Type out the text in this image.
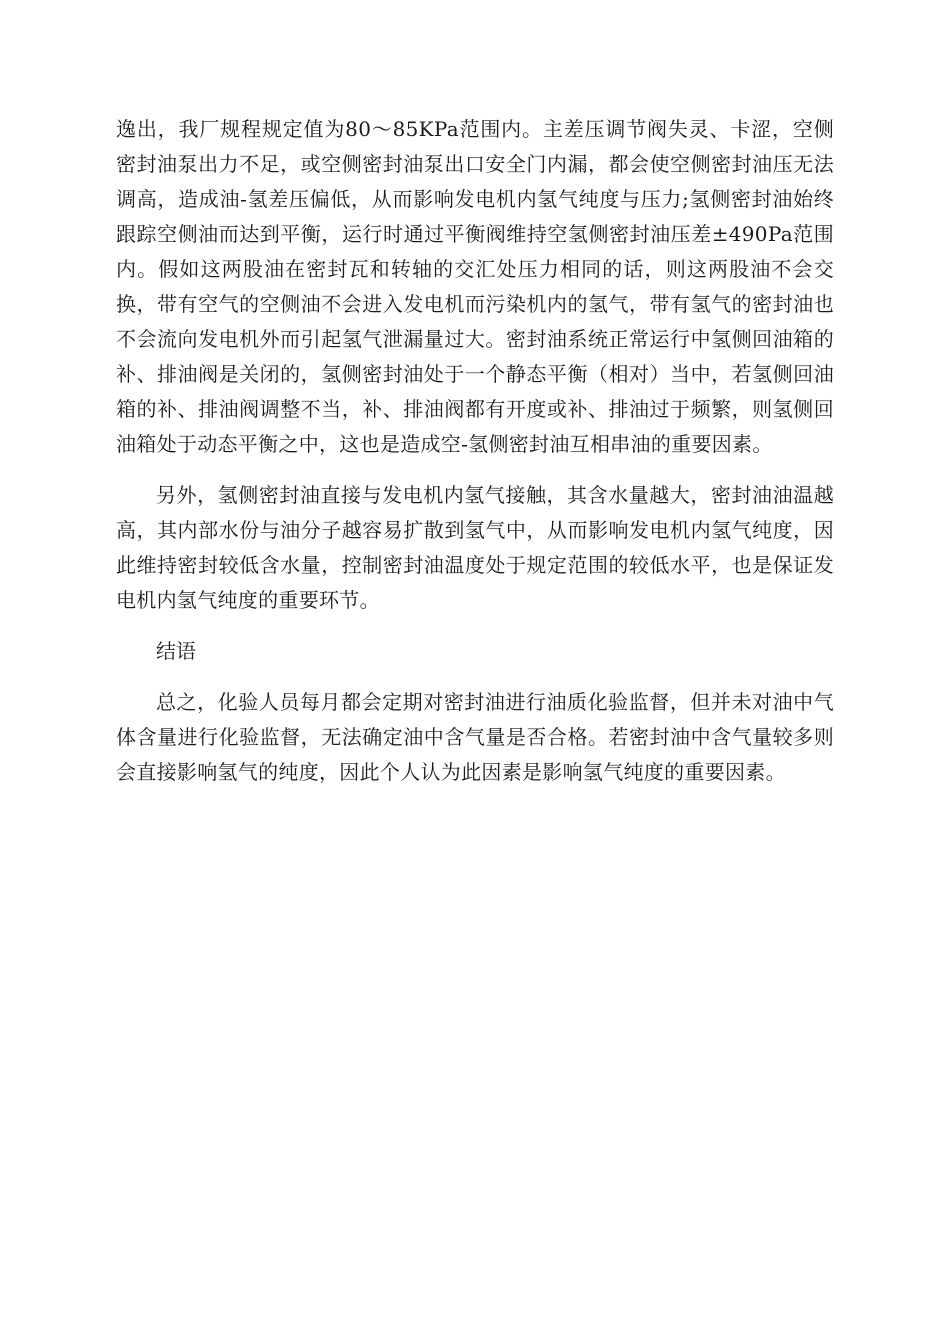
逸出，我厂规程规定值为80～85KPa范围内。主差压调节阀失灵、卡涩，空侧密封油泵出力不足，或空侧密封油泵出口安全门内漏，都会使空侧密封油压无法调高，造成油-氢差压偏低，从而影响发电机内氢气纯度与压力;氢侧密封油始终跟踪空侧油而达到平衡，运行时通过平衡阀维持空氢侧密封油压差±490Pa范围内。假如这两股油在密封瓦和转轴的交汇处压力相同的话，则这两股油不会交换，带有空气的空侧油不会进入发电机而污染机内的氢气，带有氢气的密封油也不会流向发电机外而引起氢气泄漏量过大。密封油系统正常运行中氢侧回油箱的补、排油阀是关闭的，氢侧密封油处于一个静态平衡（相对）当中，若氢侧回油箱的补、排油阀调整不当，补、排油阀都有开度或补、排油过于频繁，则氢侧回油箱处于动态平衡之中，这也是造成空-氢侧密封油互相串油的重要因素。

另外，氢侧密封油直接与发电机内氢气接触，其含水量越大，密封油油温越高，其内部水份与油分子越容易扩散到氢气中，从而影响发电机内氢气纯度，因此维持密封较低含水量，控制密封油温度处于规定范围的较低水平，也是保证发电机内氢气纯度的重要环节。

结语

总之，化验人员每月都会定期对密封油进行油质化验监督，但并未对油中气体含量进行化验监督，无法确定油中含气量是否合格。若密封油中含气量较多则会直接影响氢气的纯度，因此个人认为此因素是影响氢气纯度的重要因素。
